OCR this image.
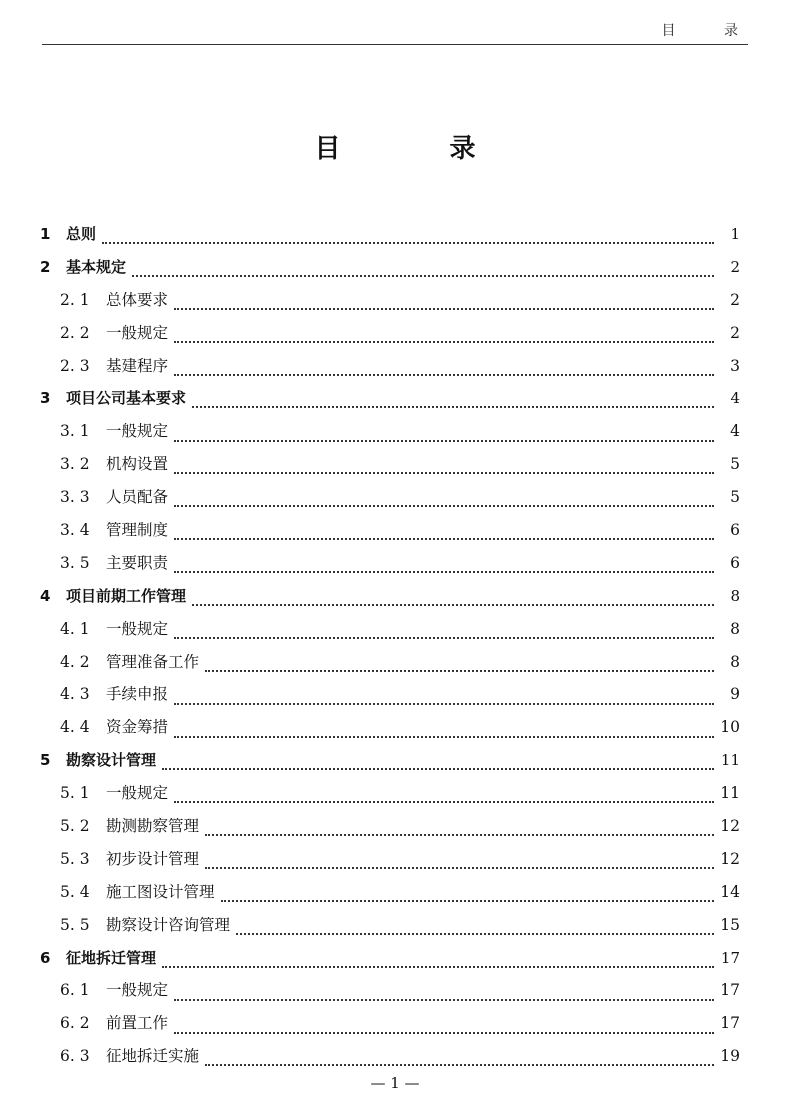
目 录
目 录
1	总则	1
2	基本规定	2
2. 1	总体要求	2
2. 2	一般规定	2
2. 3	基建程序	3
3	项目公司基本要求	4
3. 1	一般规定	4
3. 2	机构设置	5
3. 3	人员配备	5
3. 4	管理制度	6
3. 5	主要职责	6
4	项目前期工作管理	8
4. 1	一般规定	8
4. 2	管理准备工作	8
4. 3	手续申报	9
4. 4	资金筹措	10
5	勘察设计管理	11
5. 1	一般规定	11
5. 2	勘测勘察管理	12
5. 3	初步设计管理	12
5. 4	施工图设计管理	14
5. 5	勘察设计咨询管理	15
6	征地拆迁管理	17
6. 1	一般规定	17
6. 2	前置工作	17
6. 3	征地拆迁实施	19
— 1 —
